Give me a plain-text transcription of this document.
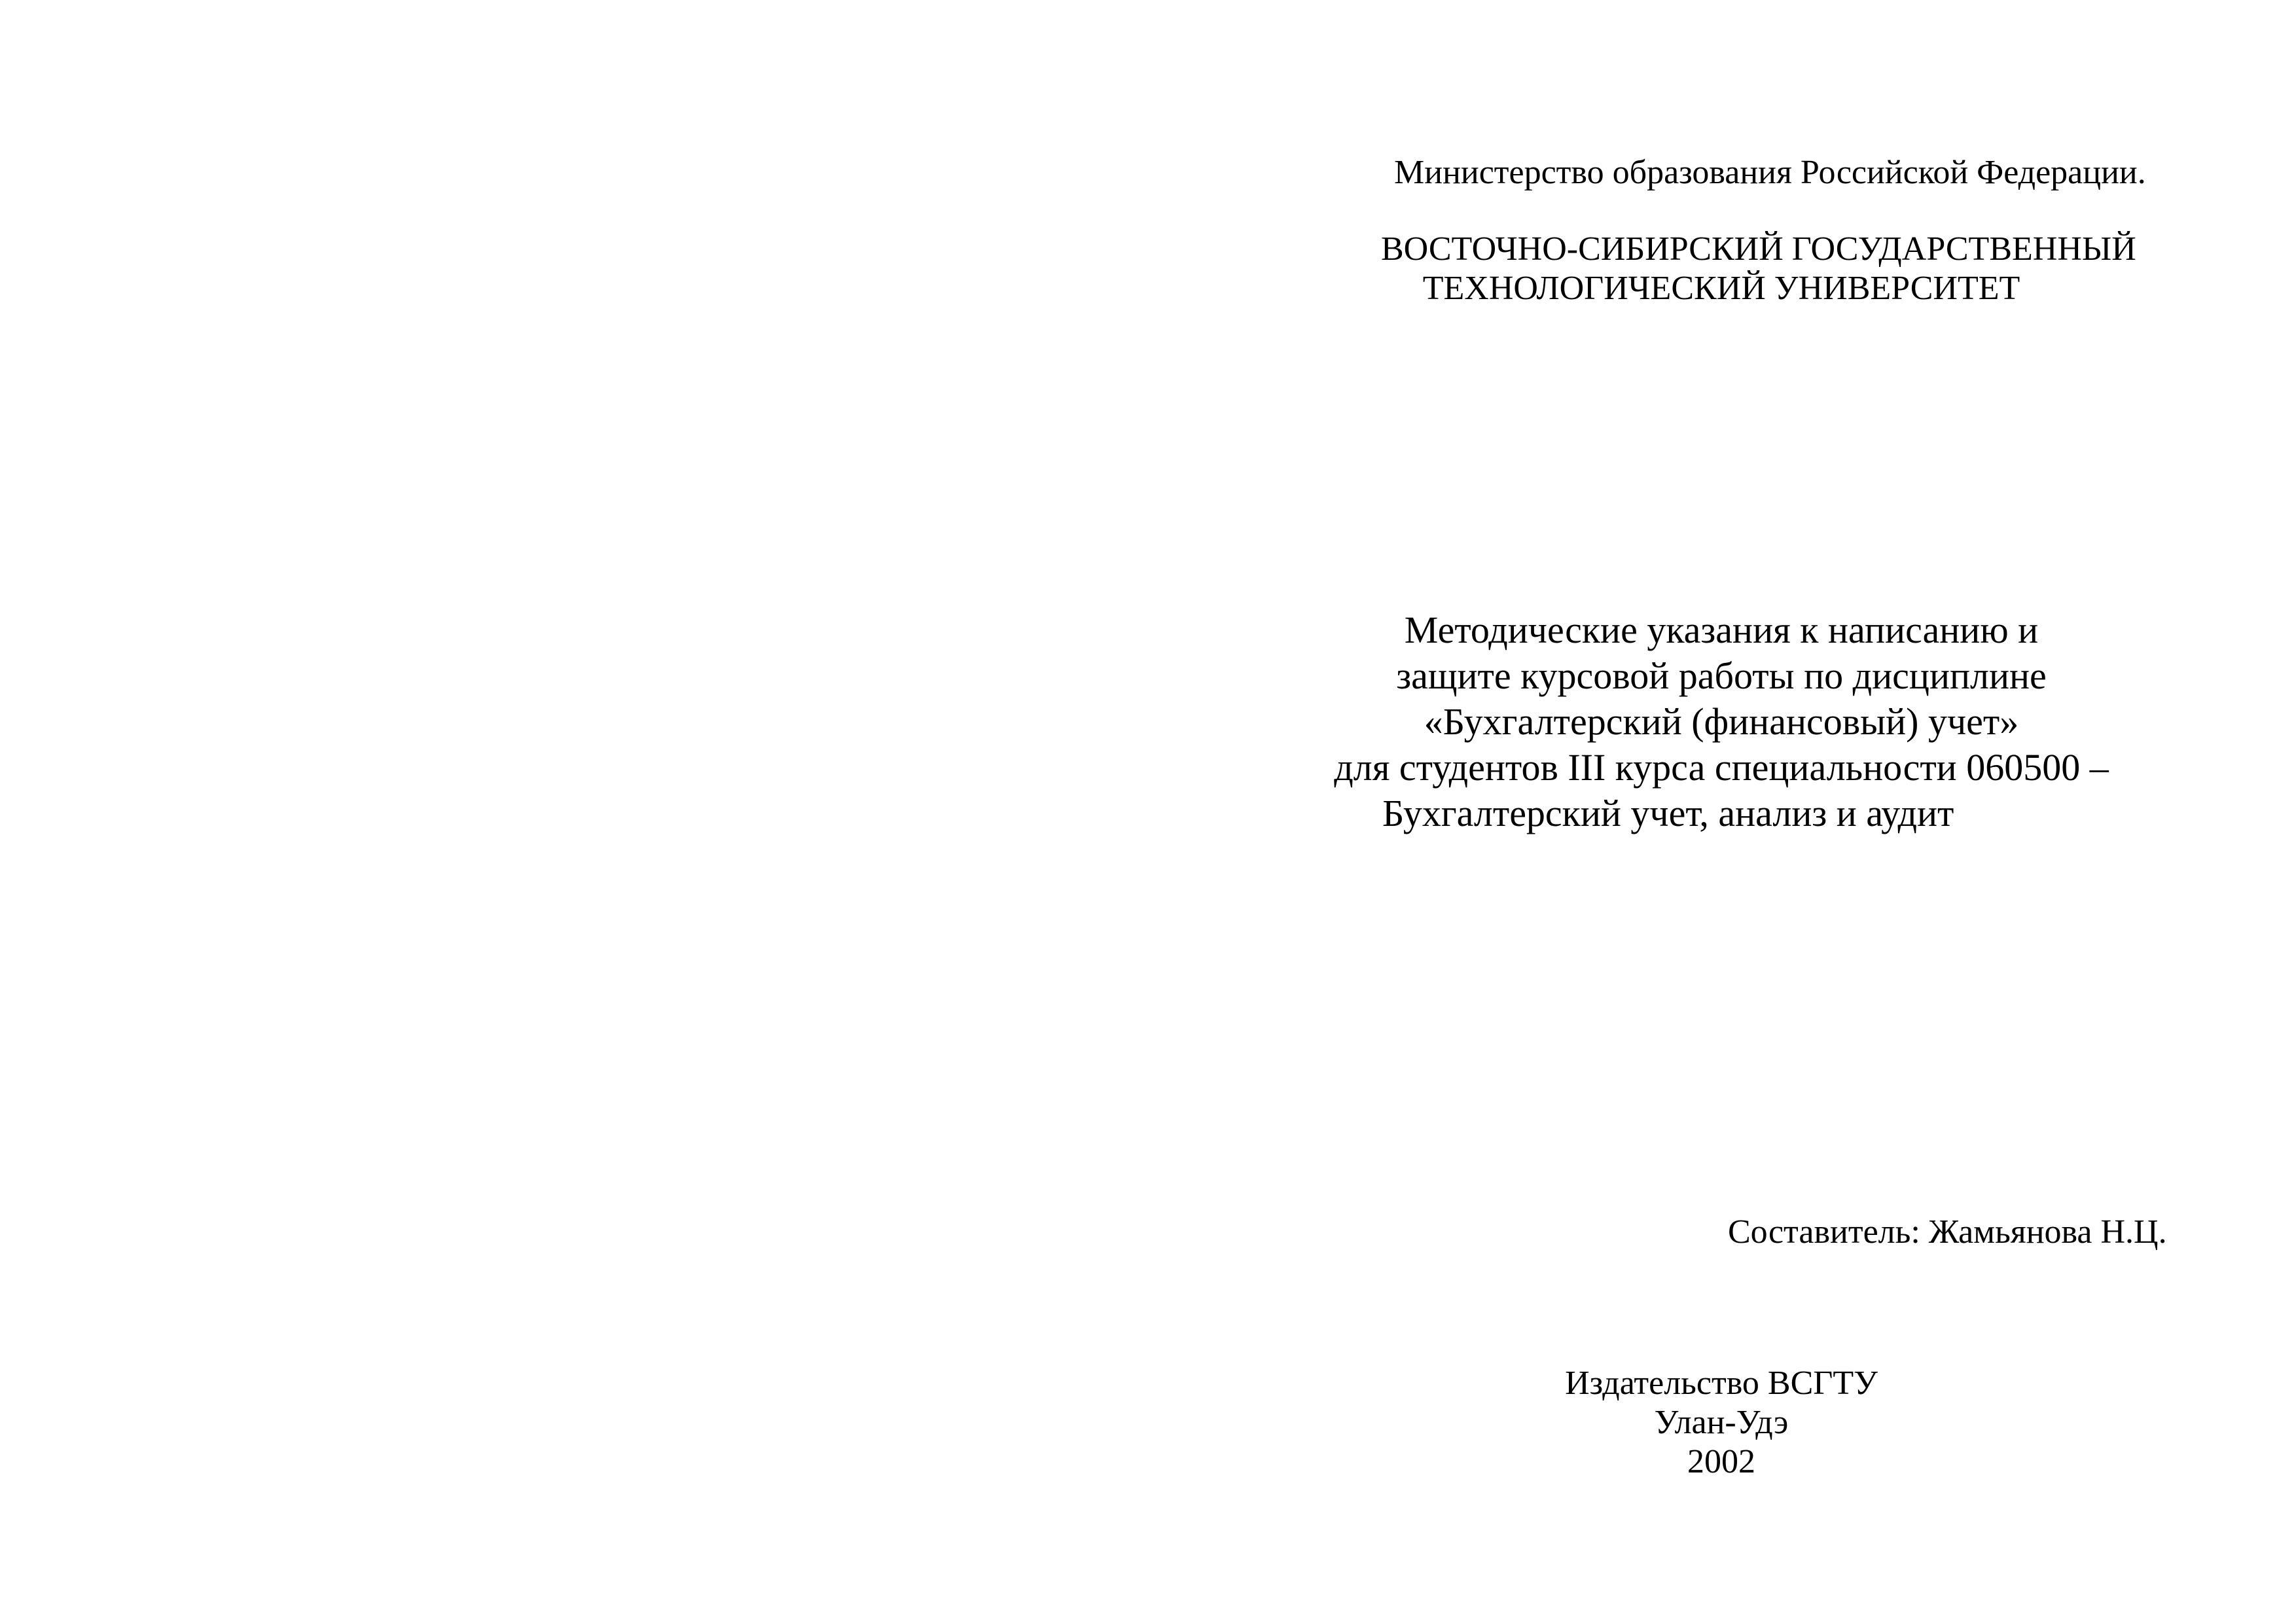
Министерство образования Российской Федерации.
ВОСТОЧНО-СИБИРСКИЙ ГОСУДАРСТВЕННЫЙ
ТЕХНОЛОГИЧЕСКИЙ УНИВЕРСИТЕТ
Методические указания к написанию и
защите курсовой работы по дисциплине
«Бухгалтерский (финансовый) учет»
для студентов III курса специальности 060500 –
Бухгалтерский учет, анализ и аудит
Составитель: Жамьянова Н.Ц.
Издательство ВСГТУ
Улан-Удэ
2002
